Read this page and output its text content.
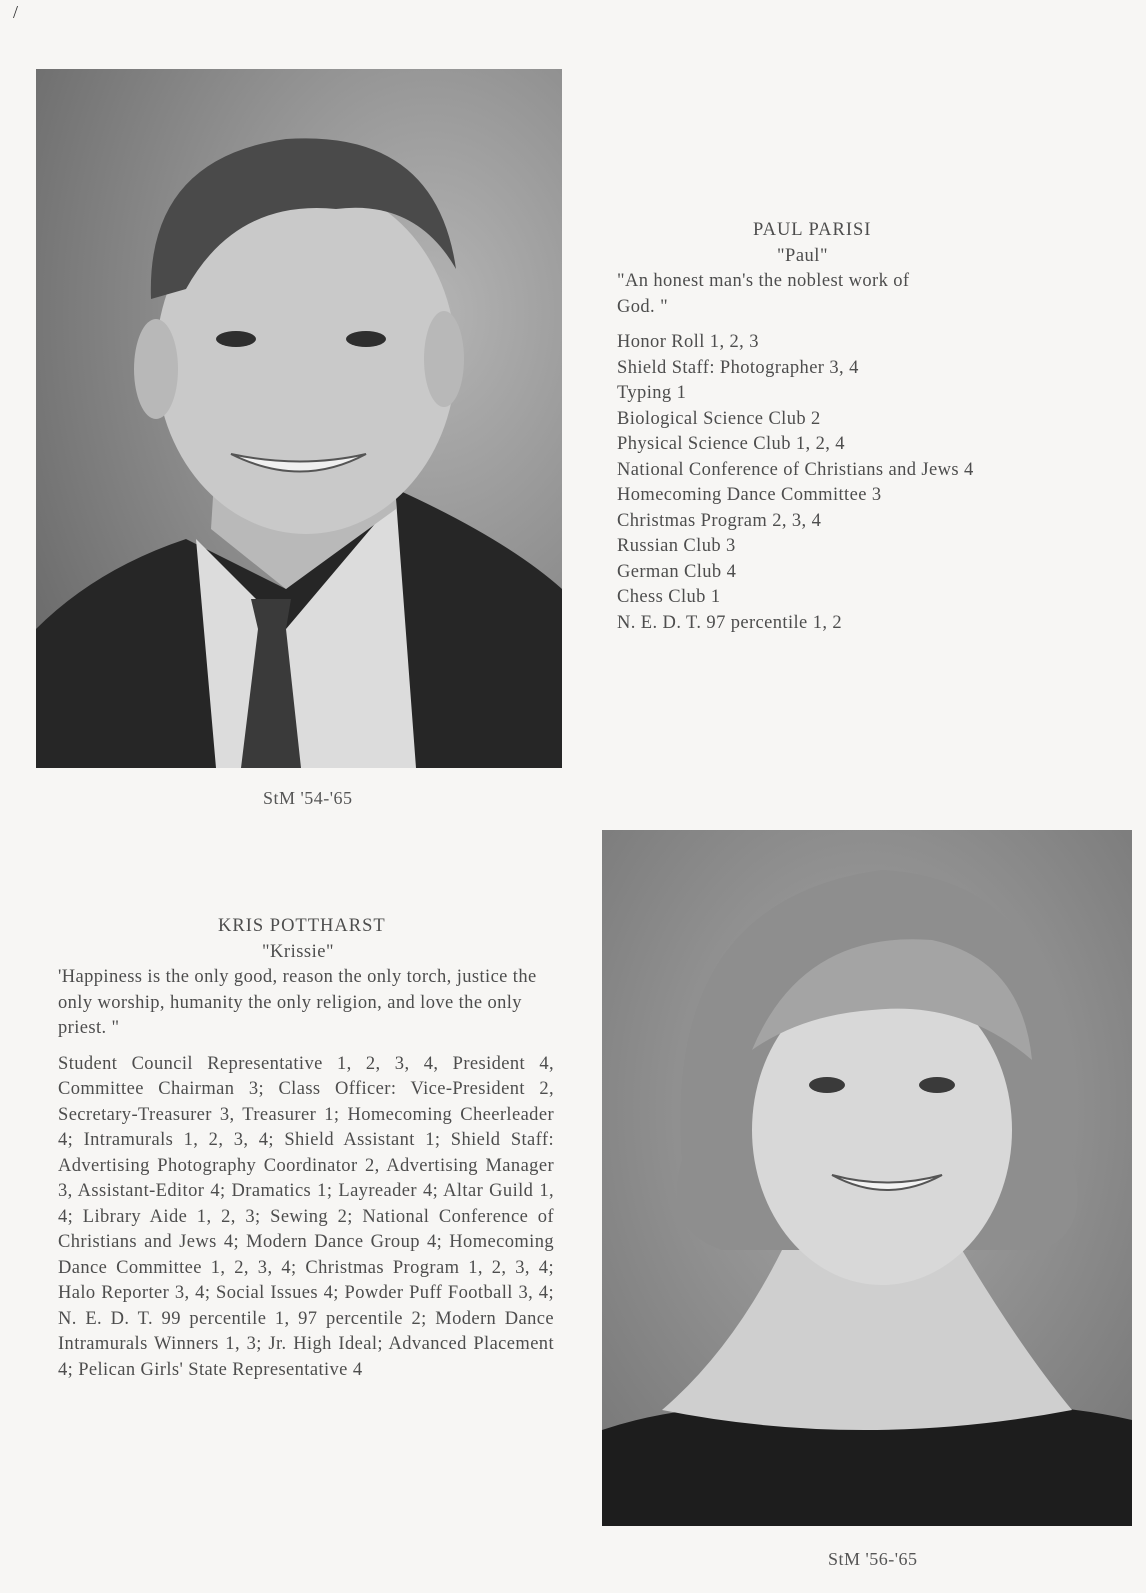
/
StM '54-'65
PAUL PARISI
"Paul"
"An honest man's the noblest work of God. "
Honor Roll 1, 2, 3
Shield Staff: Photographer 3, 4
Typing 1
Biological Science Club 2
Physical Science Club 1, 2, 4
National Conference of Christians and Jews 4
Homecoming Dance Committee 3
Christmas Program 2, 3, 4
Russian Club 3
German Club 4
Chess Club 1
N. E. D. T. 97 percentile 1, 2
KRIS POTTHARST
"Krissie"
'Happiness is the only good, reason the only torch, justice the only worship, humanity the only religion, and love the only priest. "
Student Council Representative 1, 2, 3, 4, President 4, Committee Chairman 3; Class Officer: Vice-President 2, Secretary-Treasurer 3, Treasurer 1; Homecoming Cheerleader 4; Intramurals 1, 2, 3, 4; Shield Assistant 1; Shield Staff: Advertising Photography Coordinator 2, Advertising Manager 3, Assistant-Editor 4; Dramatics 1; Layreader 4; Altar Guild 1, 4; Library Aide 1, 2, 3; Sewing 2; National Conference of Christians and Jews 4; Modern Dance Group 4; Homecoming Dance Committee 1, 2, 3, 4; Christmas Program 1, 2, 3, 4; Halo Reporter 3, 4; Social Issues 4; Powder Puff Football 3, 4; N. E. D. T. 99 percentile 1, 97 percentile 2; Modern Dance Intramurals Winners 1, 3; Jr. High Ideal; Advanced Placement 4; Pelican Girls' State Representative 4
StM '56-'65
